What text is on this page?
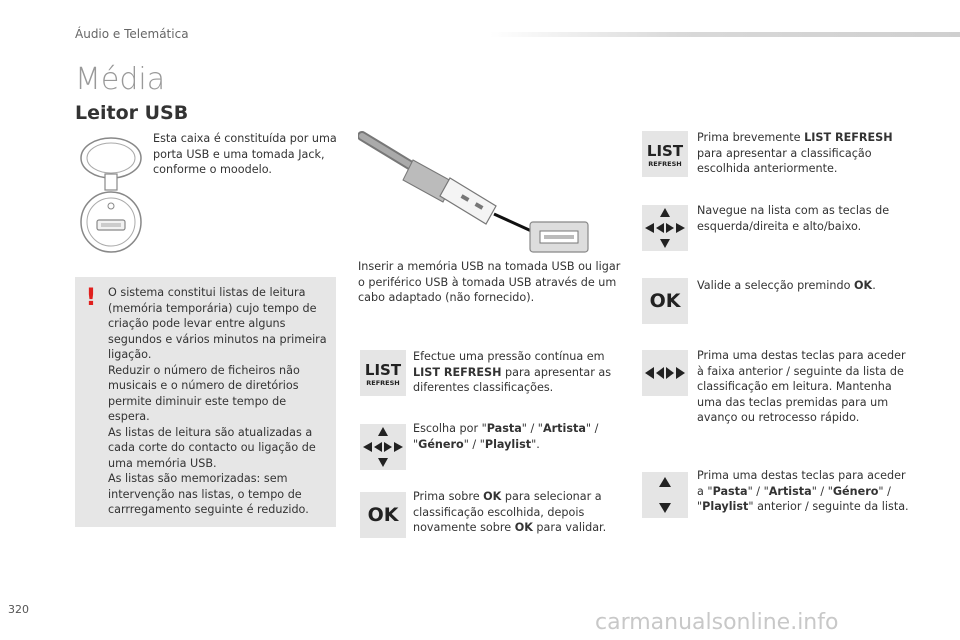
Áudio e Telemática
Média
Leitor USB
Esta caixa é constituída por uma porta USB e uma tomada Jack, conforme o moodelo.
! O sistema constitui listas de leitura (memória temporária) cujo tempo de criação pode levar entre alguns segundos e vários minutos na primeira ligação.
Reduzir o número de ficheiros não musicais e o número de diretórios permite diminuir este tempo de espera.
As listas de leitura são atualizadas a cada corte do contacto ou ligação de uma memória USB.
As listas são memorizadas: sem intervenção nas listas, o tempo de carrregamento seguinte é reduzido.
Inserir a memória USB na tomada USB ou ligar o periférico USB à tomada USB através de um cabo adaptado (não fornecido).
LIST
REFRESH
Efectue uma pressão contínua em LIST REFRESH para apresentar as diferentes classificações.
Escolha por "Pasta" / "Artista" / "Género" / "Playlist".
OK
Prima sobre OK para selecionar a classificação escolhida, depois novamente sobre OK para validar.
LIST
REFRESH
Prima brevemente LIST REFRESH para apresentar a classificação escolhida anteriormente.
Navegue na lista com as teclas de esquerda/direita e alto/baixo.
OK
Valide a selecção premindo OK.
Prima uma destas teclas para aceder à faixa anterior / seguinte da lista de classificação em leitura. Mantenha uma das teclas premidas para um avanço ou retrocesso rápido.
Prima uma destas teclas para aceder a "Pasta" / "Artista" / "Género" / "Playlist" anterior / seguinte da lista.
320
carmanualsonline.info
